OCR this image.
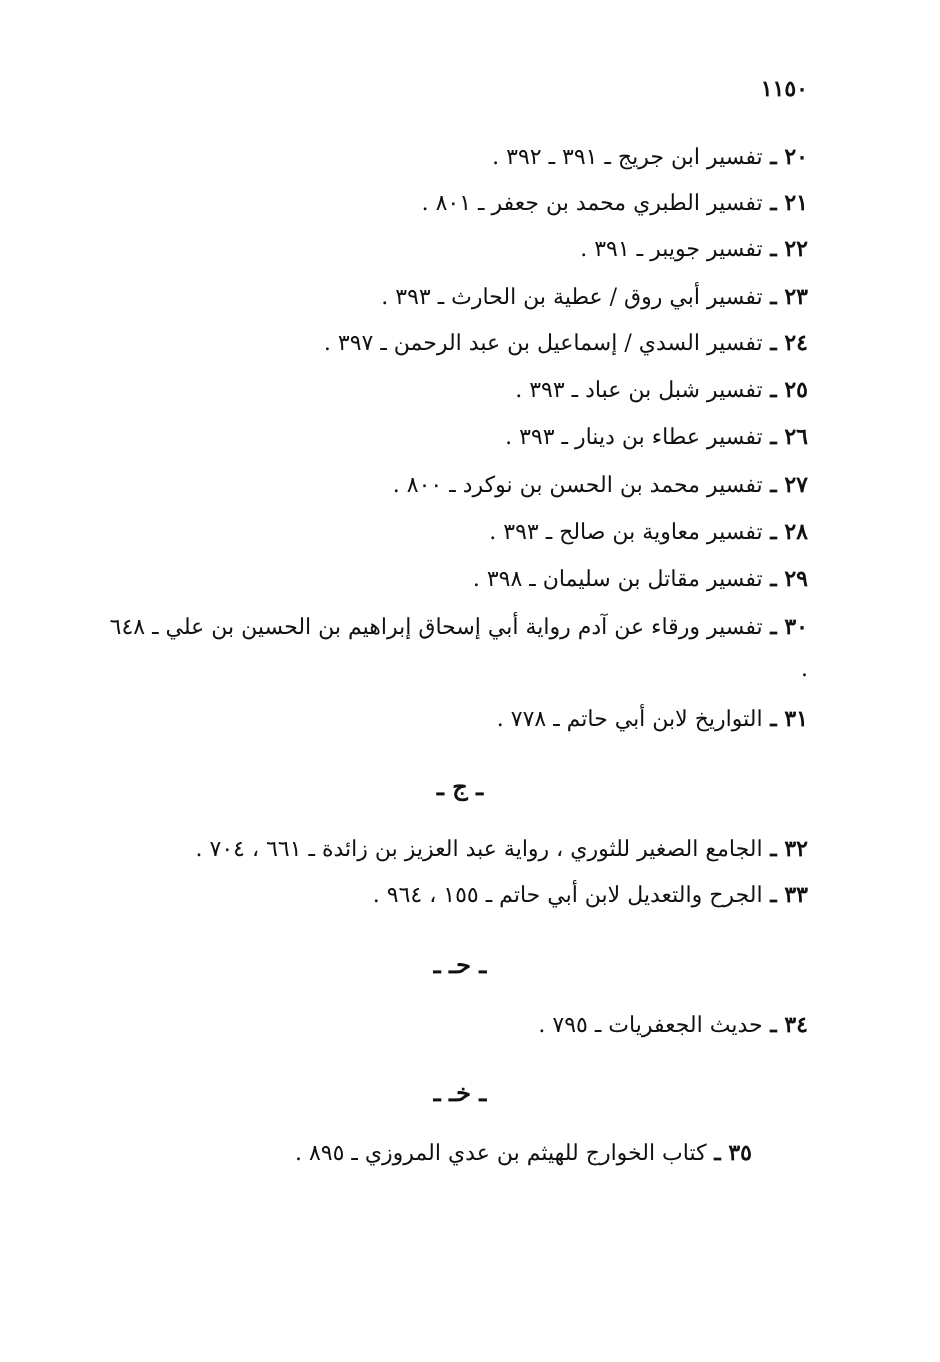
١١٥٠
٢٠ ـ تفسير ابن جريج ـ ٣٩١ ـ ٣٩٢ .
٢١ ـ تفسير الطبري محمد بن جعفر ـ ٨٠١ .
٢٢ ـ تفسير جويبر ـ ٣٩١ .
٢٣ ـ تفسير أبي روق / عطية بن الحارث ـ ٣٩٣ .
٢٤ ـ تفسير السدي / إسماعيل بن عبد الرحمن ـ ٣٩٧ .
٢٥ ـ تفسير شبل بن عباد ـ ٣٩٣ .
٢٦ ـ تفسير عطاء بن دينار ـ ٣٩٣ .
٢٧ ـ تفسير محمد بن الحسن بن نوكرد ـ ٨٠٠ .
٢٨ ـ تفسير معاوية بن صالح ـ ٣٩٣ .
٢٩ ـ تفسير مقاتل بن سليمان ـ ٣٩٨ .
٣٠ ـ تفسير ورقاء عن آدم رواية أبي إسحاق إبراهيم بن الحسين بن علي ـ ٦٤٨ .
٣١ ـ التواريخ لابن أبي حاتم ـ ٧٧٨ .
ـ ج ـ
٣٢ ـ الجامع الصغير للثوري ، رواية عبد العزيز بن زائدة ـ ٦٦١ ، ٧٠٤ .
٣٣ ـ الجرح والتعديل لابن أبي حاتم ـ ١٥٥ ، ٩٦٤ .
ـ حـ ـ
٣٤ ـ حديث الجعفريات ـ ٧٩٥ .
ـ خـ ـ
٣٥ ـ كتاب الخوارج للهيثم بن عدي المروزي ـ ٨٩٥ .
